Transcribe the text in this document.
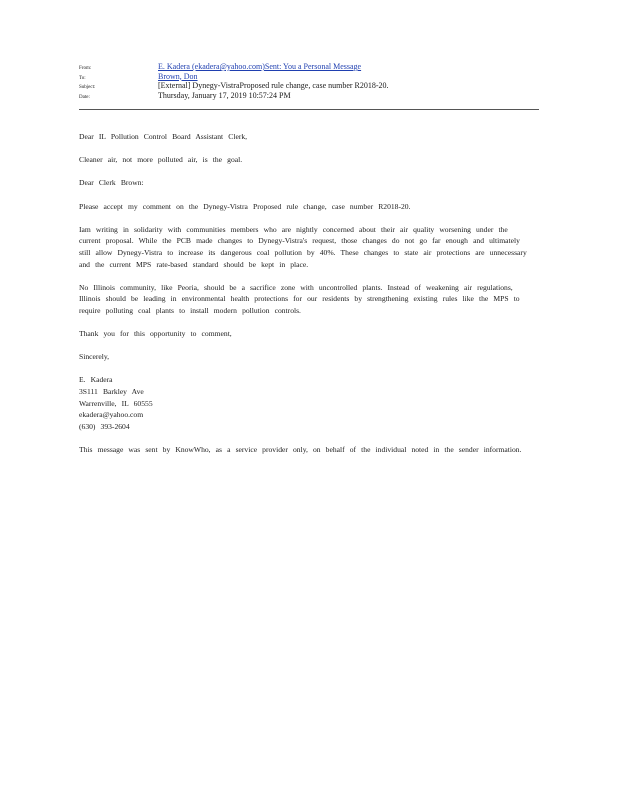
From:	E. Kadera (ekadera@yahoo.com)Sent: You a Personal Message
To:	Brown, Don
Subject:	[External] Dynegy-VistraProposed rule change, case number R2018-20.
Date:	Thursday, January 17, 2019 10:57:24 PM

Dear IL Pollution Control Board Assistant Clerk,

Cleaner air, not more polluted air, is the goal.

Dear Clerk Brown:

Please accept my comment on the Dynegy-Vistra Proposed rule change, case number R2018-20.

Iam writing in solidarity with communities members who are nightly concerned about their air quality worsening under the current proposal. While the PCB made changes to Dynegy-Vistra's request, those changes do not go far enough and ultimately still allow Dynegy-Vistra to increase its dangerous coal pollution by 40%. These changes to state air protections are unnecessary and the current MPS rate-based standard should be kept in place.

No Illinois community, like Peoria, should be a sacrifice zone with uncontrolled plants. Instead of weakening air regulations, Illinois should be leading in environmental health protections for our residents by strengthening existing rules like the MPS to require polluting coal plants to install modern pollution controls.

Thank you for this opportunity to comment,

Sincerely,

E. Kadera
3S111 Barkley Ave
Warrenville, IL 60555
ekadera@yahoo.com
(630) 393-2604

This message was sent by KnowWho, as a service provider only, on behalf of the individual noted in the sender information.
